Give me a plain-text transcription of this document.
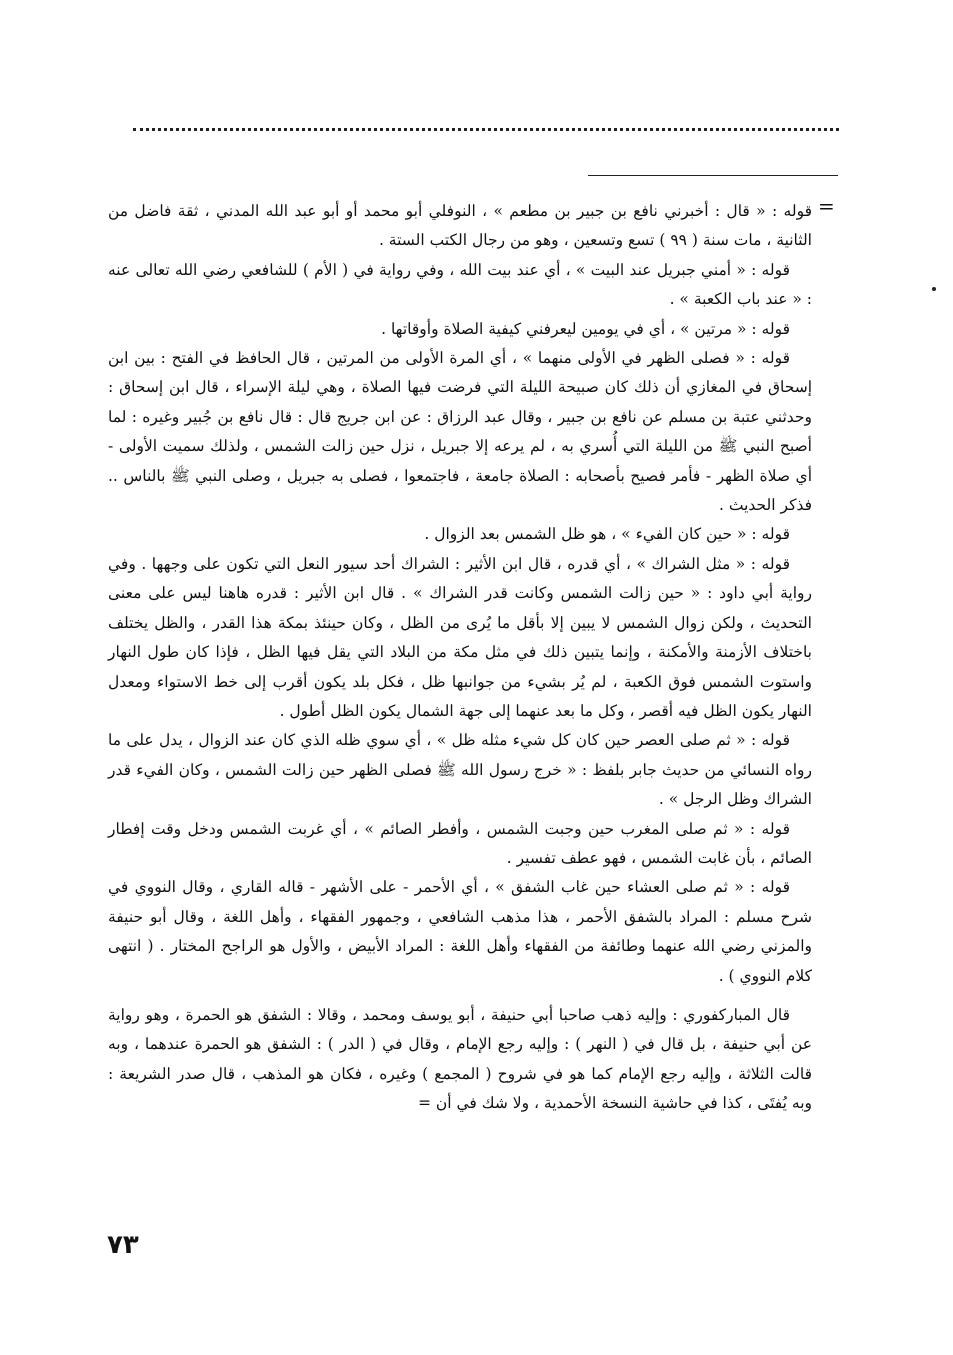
=

قوله : « قال : أخبرني نافع بن جبير بن مطعم » ، النوفلي أبو محمد أو أبو عبد الله المدني ، ثقة فاضل من الثانية ، مات سنة ( ٩٩ ) تسع وتسعين ، وهو من رجال الكتب الستة .

قوله : « أمني جبريل عند البيت » ، أي عند بيت الله ، وفي رواية في ( الأم ) للشافعي رضي الله تعالى عنه : « عند باب الكعبة » .

قوله : « مرتين » ، أي في يومين ليعرفني كيفية الصلاة وأوقاتها .

قوله : « فصلى الظهر في الأولى منهما » ، أي المرة الأولى من المرتين ، قال الحافظ في الفتح : بين ابن إسحاق في المغازي أن ذلك كان صبيحة الليلة التي فرضت فيها الصلاة ، وهي ليلة الإسراء ، قال ابن إسحاق : وحدثني عتبة بن مسلم عن نافع بن جبير ، وقال عبد الرزاق : عن ابن جريج قال : قال نافع بن جُبير وغيره : لما أصبح النبي ﷺ من الليلة التي أُسري به ، لم يرعه إلا جبريل ، نزل حين زالت الشمس ، ولذلك سميت الأولى - أي صلاة الظهر - فأمر فصيح بأصحابه : الصلاة جامعة ، فاجتمعوا ، فصلى به جبريل ، وصلى النبي ﷺ بالناس .. فذكر الحديث .

قوله : « حين كان الفيء » ، هو ظل الشمس بعد الزوال .

قوله : « مثل الشراك » ، أي قدره ، قال ابن الأثير : الشراك أحد سيور النعل التي تكون على وجهها . وفي رواية أبي داود : « حين زالت الشمس وكانت قدر الشراك » . قال ابن الأثير : قدره هاهنا ليس على معنى التحديث ، ولكن زوال الشمس لا يبين إلا بأقل ما يُرى من الظل ، وكان حينئذ بمكة هذا القدر ، والظل يختلف باختلاف الأزمنة والأمكنة ، وإنما يتبين ذلك في مثل مكة من البلاد التي يقل فيها الظل ، فإذا كان طول النهار واستوت الشمس فوق الكعبة ، لم يُر بشيء من جوانبها ظل ، فكل بلد يكون أقرب إلى خط الاستواء ومعدل النهار يكون الظل فيه أقصر ، وكل ما بعد عنهما إلى جهة الشمال يكون الظل أطول .

قوله : « ثم صلى العصر حين كان كل شيء مثله ظل » ، أي سوي ظله الذي كان عند الزوال ، يدل على ما رواه النسائي من حديث جابر بلفظ : « خرج رسول الله ﷺ فصلى الظهر حين زالت الشمس ، وكان الفيء قدر الشراك وظل الرجل » .

قوله : « ثم صلى المغرب حين وجبت الشمس ، وأفطر الصائم » ، أي غربت الشمس ودخل وقت إفطار الصائم ، بأن غابت الشمس ، فهو عطف تفسير .

قوله : « ثم صلى العشاء حين غاب الشفق » ، أي الأحمر - على الأشهر - قاله القاري ، وقال النووي في شرح مسلم : المراد بالشفق الأحمر ، هذا مذهب الشافعي ، وجمهور الفقهاء ، وأهل اللغة ، وقال أبو حنيفة والمزني رضي الله عنهما وطائفة من الفقهاء وأهل اللغة : المراد الأبيض ، والأول هو الراجح المختار . ( انتهى كلام النووي ) .

قال المباركفوري : وإليه ذهب صاحبا أبي حنيفة ، أبو يوسف ومحمد ، وقالا : الشفق هو الحمرة ، وهو رواية عن أبي حنيفة ، بل قال في ( النهر ) : وإليه رجع الإمام ، وقال في ( الدر ) : الشفق هو الحمرة عندهما ، وبه قالت الثلاثة ، وإليه رجع الإمام كما هو في شروح ( المجمع ) وغيره ، فكان هو المذهب ، قال صدر الشريعة : وبه يُفتَى ، كذا في حاشية النسخة الأحمدية ، ولا شك في أن =

٧٣
